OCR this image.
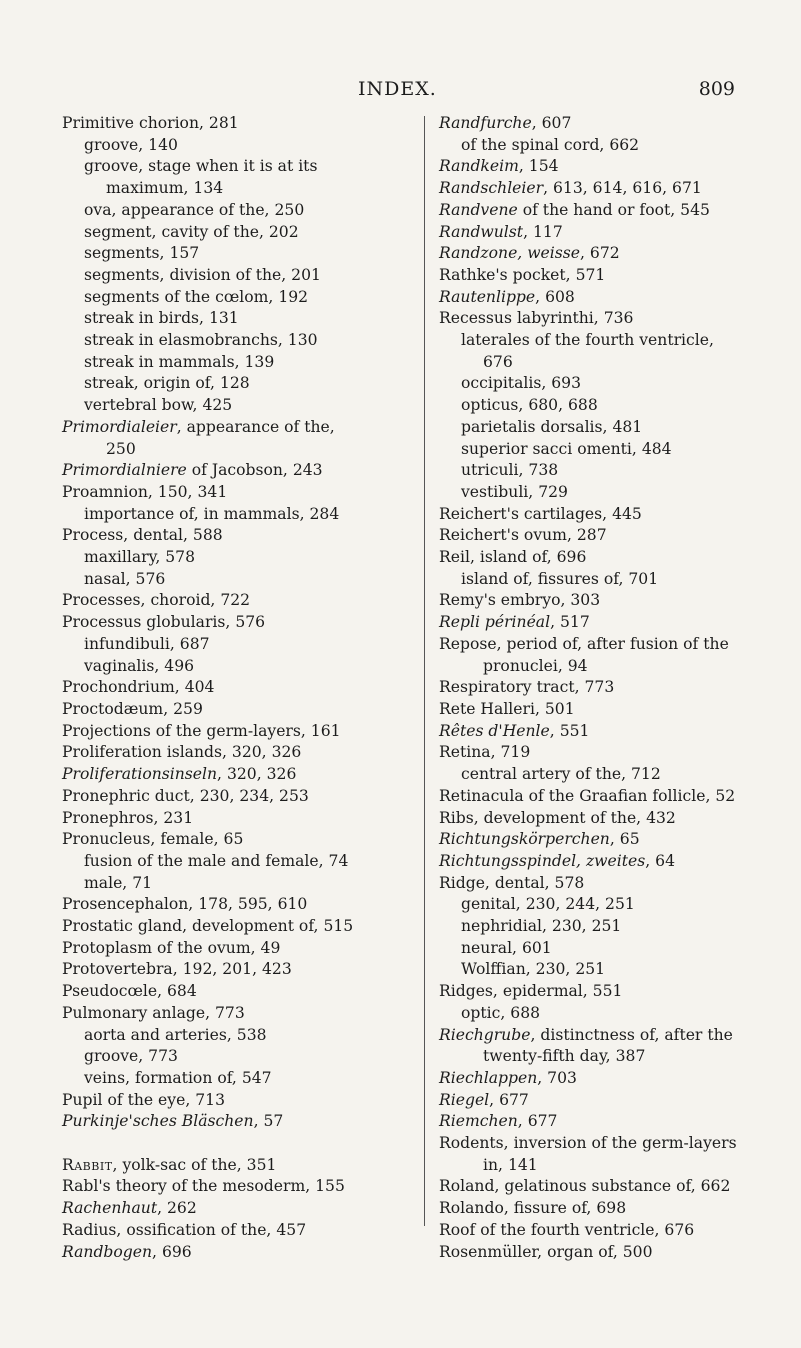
INDEX.	809
Primitive chorion, 281
groove, 140
groove, stage when it is at its
maximum, 134
ova, appearance of the, 250
segment, cavity of the, 202
segments, 157
segments, division of the, 201
segments of the cœlom, 192
streak in birds, 131
streak in elasmobranchs, 130
streak in mammals, 139
streak, origin of, 128
vertebral bow, 425
Primordialeier, appearance of the,
250
Primordialniere of Jacobson, 243
Proamnion, 150, 341
importance of, in mammals, 284
Process, dental, 588
maxillary, 578
nasal, 576
Processes, choroid, 722
Processus globularis, 576
infundibuli, 687
vaginalis, 496
Prochondrium, 404
Proctodæum, 259
Projections of the germ-layers, 161
Proliferation islands, 320, 326
Proliferationsinseln, 320, 326
Pronephric duct, 230, 234, 253
Pronephros, 231
Pronucleus, female, 65
fusion of the male and female, 74
male, 71
Prosencephalon, 178, 595, 610
Prostatic gland, development of, 515
Protoplasm of the ovum, 49
Protovertebra, 192, 201, 423
Pseudocœle, 684
Pulmonary anlage, 773
aorta and arteries, 538
groove, 773
veins, formation of, 547
Pupil of the eye, 713
Purkinje'sches Bläschen, 57
Rabbit, yolk-sac of the, 351
Rabl's theory of the mesoderm, 155
Rachenhaut, 262
Radius, ossification of the, 457
Randbogen, 696
Randfurche, 607
of the spinal cord, 662
Randkeim, 154
Randschleier, 613, 614, 616, 671
Randvene of the hand or foot, 545
Randwulst, 117
Randzone, weisse, 672
Rathke's pocket, 571
Rautenlippe, 608
Recessus labyrinthi, 736
laterales of the fourth ventricle,
676
occipitalis, 693
opticus, 680, 688
parietalis dorsalis, 481
superior sacci omenti, 484
utriculi, 738
vestibuli, 729
Reichert's cartilages, 445
Reichert's ovum, 287
Reil, island of, 696
island of, fissures of, 701
Remy's embryo, 303
Repli périnéal, 517
Repose, period of, after fusion of the
pronuclei, 94
Respiratory tract, 773
Rete Halleri, 501
Rêtes d'Henle, 551
Retina, 719
central artery of the, 712
Retinacula of the Graafian follicle, 52
Ribs, development of the, 432
Richtungskörperchen, 65
Richtungsspindel, zweites, 64
Ridge, dental, 578
genital, 230, 244, 251
nephridial, 230, 251
neural, 601
Wolffian, 230, 251
Ridges, epidermal, 551
optic, 688
Riechgrube, distinctness of, after the
twenty-fifth day, 387
Riechlappen, 703
Riegel, 677
Riemchen, 677
Rodents, inversion of the germ-layers
in, 141
Roland, gelatinous substance of, 662
Rolando, fissure of, 698
Roof of the fourth ventricle, 676
Rosenmüller, organ of, 500
